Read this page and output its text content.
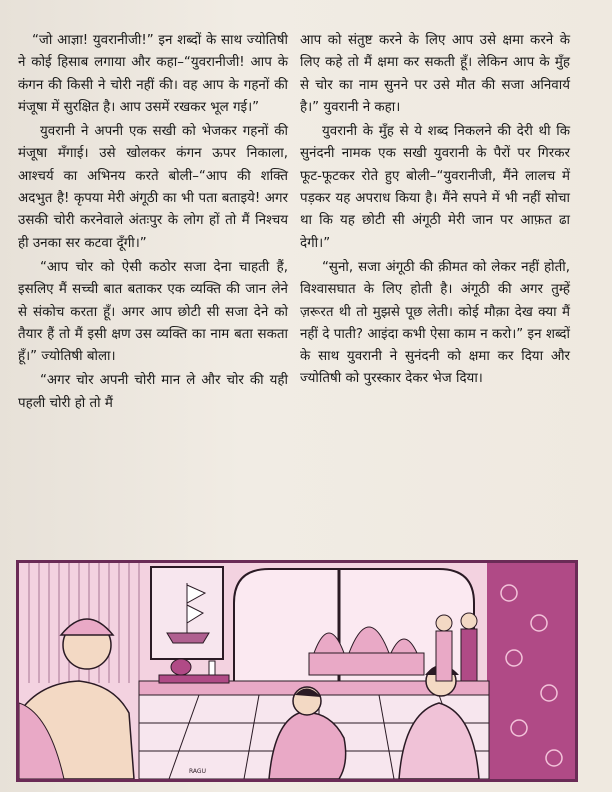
“जो आज्ञा! युवरानीजी!” इन शब्दों के साथ ज्योतिषी ने कोई हिसाब लगाया और कहा–“युवरानीजी! आप के कंगन की किसी ने चोरी नहीं की। वह आप के गहनों की मंजूषा में सुरक्षित है। आप उसमें रखकर भूल गई।”

युवरानी ने अपनी एक सखी को भेजकर गहनों की मंजूषा मँगाई। उसे खोलकर कंगन ऊपर निकाला, आश्चर्य का अभिनय करते बोली–“आप की शक्ति अदभुत है! कृपया मेरी अंगूठी का भी पता बताइये! अगर उसकी चोरी करनेवाले अंतःपुर के लोग हों तो मैं निश्चय ही उनका सर कटवा दूँगी।”

“आप चोर को ऐसी कठोर सजा देना चाहती हैं, इसलिए मैं सच्ची बात बताकर एक व्यक्ति की जान लेने से संकोच करता हूँ। अगर आप छोटी सी सजा देने को तैयार हैं तो मैं इसी क्षण उस व्यक्ति का नाम बता सकता हूँ।” ज्योतिषी बोला।

“अगर चोर अपनी चोरी मान ले और चोर की यही पहली चोरी हो तो मैं

आप को संतुष्ट करने के लिए आप उसे क्षमा करने के लिए कहे तो मैं क्षमा कर सकती हूँ। लेकिन आप के मुँह से चोर का नाम सुनने पर उसे मौत की सजा अनिवार्य है।” युवरानी ने कहा।

युवरानी के मुँह से ये शब्द निकलने की देरी थी कि सुनंदनी नामक एक सखी युवरानी के पैरों पर गिरकर फूट-फूटकर रोते हुए बोली–“युवरानीजी, मैंने लालच में पड़कर यह अपराध किया है। मैंने सपने में भी नहीं सोचा था कि यह छोटी सी अंगूठी मेरी जान पर आफ़त ढा देगी।”

“सुनो, सजा अंगूठी की क़ीमत को लेकर नहीं होती, विश्वासघात के लिए होती है। अंगूठी की अगर तुम्हें ज़रूरत थी तो मुझसे पूछ लेती। कोई मौक़ा देख क्या मैं नहीं दे पाती? आइंदा कभी ऐसा काम न करो।” इन शब्दों के साथ युवरानी ने सुनंदनी को क्षमा कर दिया और ज्योतिषी को पुरस्कार देकर भेज दिया।

RAGU
